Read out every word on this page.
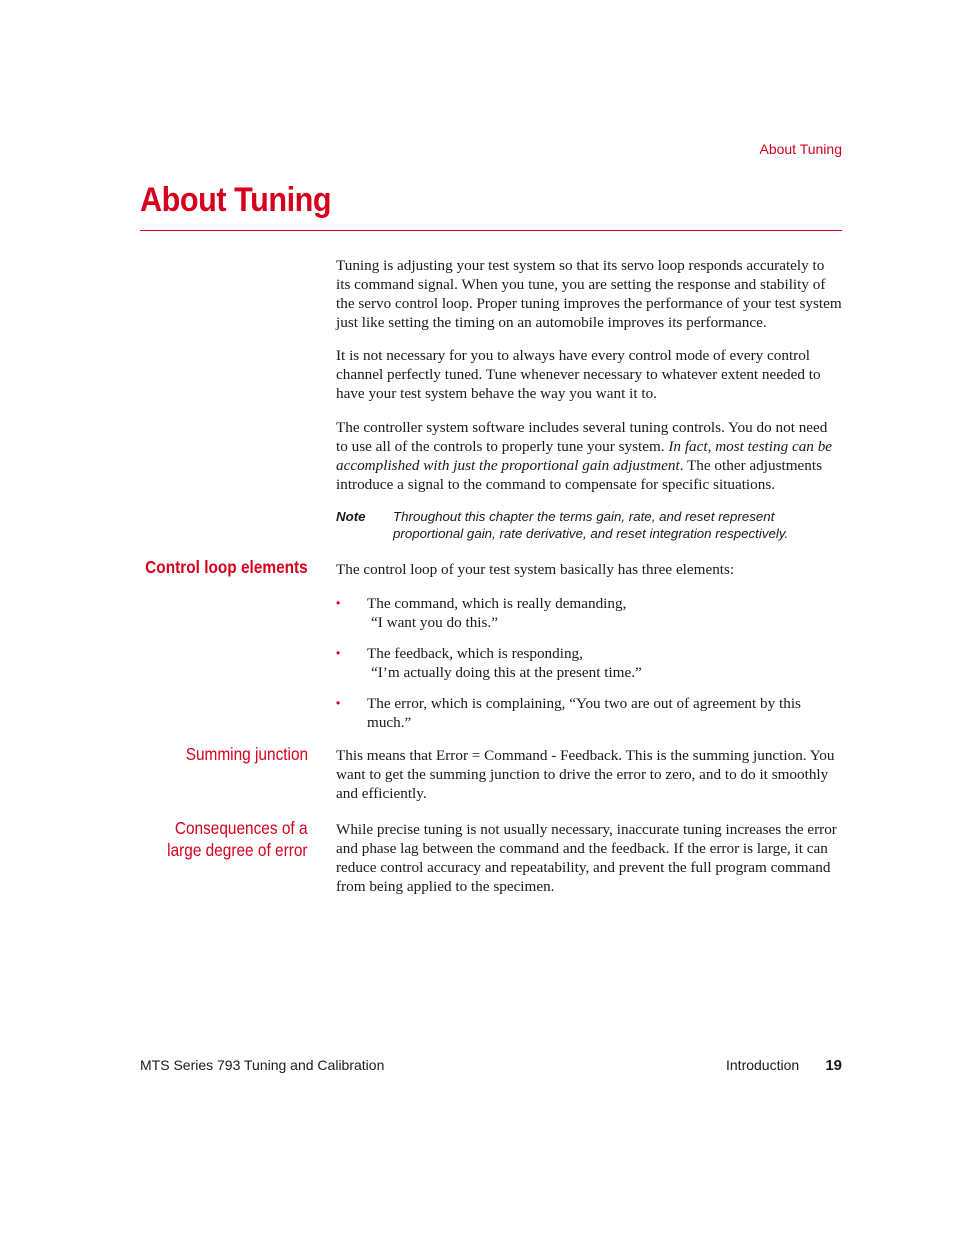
About Tuning
About Tuning

Tuning is adjusting your test system so that its servo loop responds accurately to its command signal. When you tune, you are setting the response and stability of the servo control loop. Proper tuning improves the performance of your test system just like setting the timing on an automobile improves its performance.

It is not necessary for you to always have every control mode of every control channel perfectly tuned. Tune whenever necessary to whatever extent needed to have your test system behave the way you want it to.

The controller system software includes several tuning controls. You do not need to use all of the controls to properly tune your system. In fact, most testing can be accomplished with just the proportional gain adjustment. The other adjustments introduce a signal to the command to compensate for specific situations.

Note Throughout this chapter the terms gain, rate, and reset represent proportional gain, rate derivative, and reset integration respectively.
Control loop elements The control loop of your test system basically has three elements:

• The command, which is really demanding,
“I want you do this.”
• The feedback, which is responding,
“I’m actually doing this at the present time.”
• The error, which is complaining, “You two are out of agreement by this much.”
Summing junction This means that Error = Command - Feedback. This is the summing junction. You want to get the summing junction to drive the error to zero, and to do it smoothly and efficiently.

Consequences of a
large degree of error

While precise tuning is not usually necessary, inaccurate tuning increases the error and phase lag between the command and the feedback. If the error is large, it can reduce control accuracy and repeatability, and prevent the full program command from being applied to the specimen.

MTS Series 793 Tuning and Calibration	Introduction 19
